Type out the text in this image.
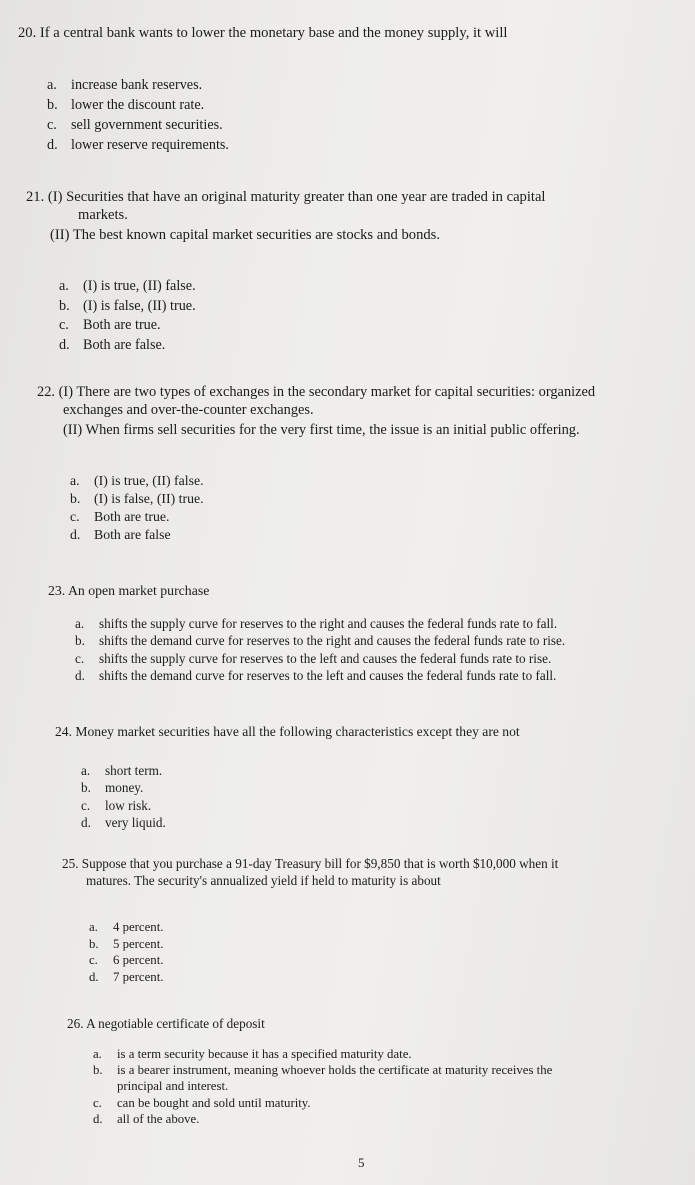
20. If a central bank wants to lower the monetary base and the money supply, it will
a. increase bank reserves.
b. lower the discount rate.
c. sell government securities.
d. lower reserve requirements.
21. (I) Securities that have an original maturity greater than one year are traded in capital
markets.
(II) The best known capital market securities are stocks and bonds.
a. (I) is true, (II) false.
b. (I) is false, (II) true.
c. Both are true.
d. Both are false.
22. (I) There are two types of exchanges in the secondary market for capital securities: organized
exchanges and over-the-counter exchanges.
(II) When firms sell securities for the very first time, the issue is an initial public offering.
a. (I) is true, (II) false.
b. (I) is false, (II) true.
c. Both are true.
d. Both are false
23. An open market purchase
a. shifts the supply curve for reserves to the right and causes the federal funds rate to fall.
b. shifts the demand curve for reserves to the right and causes the federal funds rate to rise.
c. shifts the supply curve for reserves to the left and causes the federal funds rate to rise.
d. shifts the demand curve for reserves to the left and causes the federal funds rate to fall.
24. Money market securities have all the following characteristics except they are not
a. short term.
b. money.
c. low risk.
d. very liquid.
25. Suppose that you purchase a 91-day Treasury bill for $9,850 that is worth $10,000 when it
matures. The security's annualized yield if held to maturity is about
a. 4 percent.
b. 5 percent.
c. 6 percent.
d. 7 percent.
26. A negotiable certificate of deposit
a. is a term security because it has a specified maturity date.
b. is a bearer instrument, meaning whoever holds the certificate at maturity receives the
principal and interest.
c. can be bought and sold until maturity.
d. all of the above.
5
